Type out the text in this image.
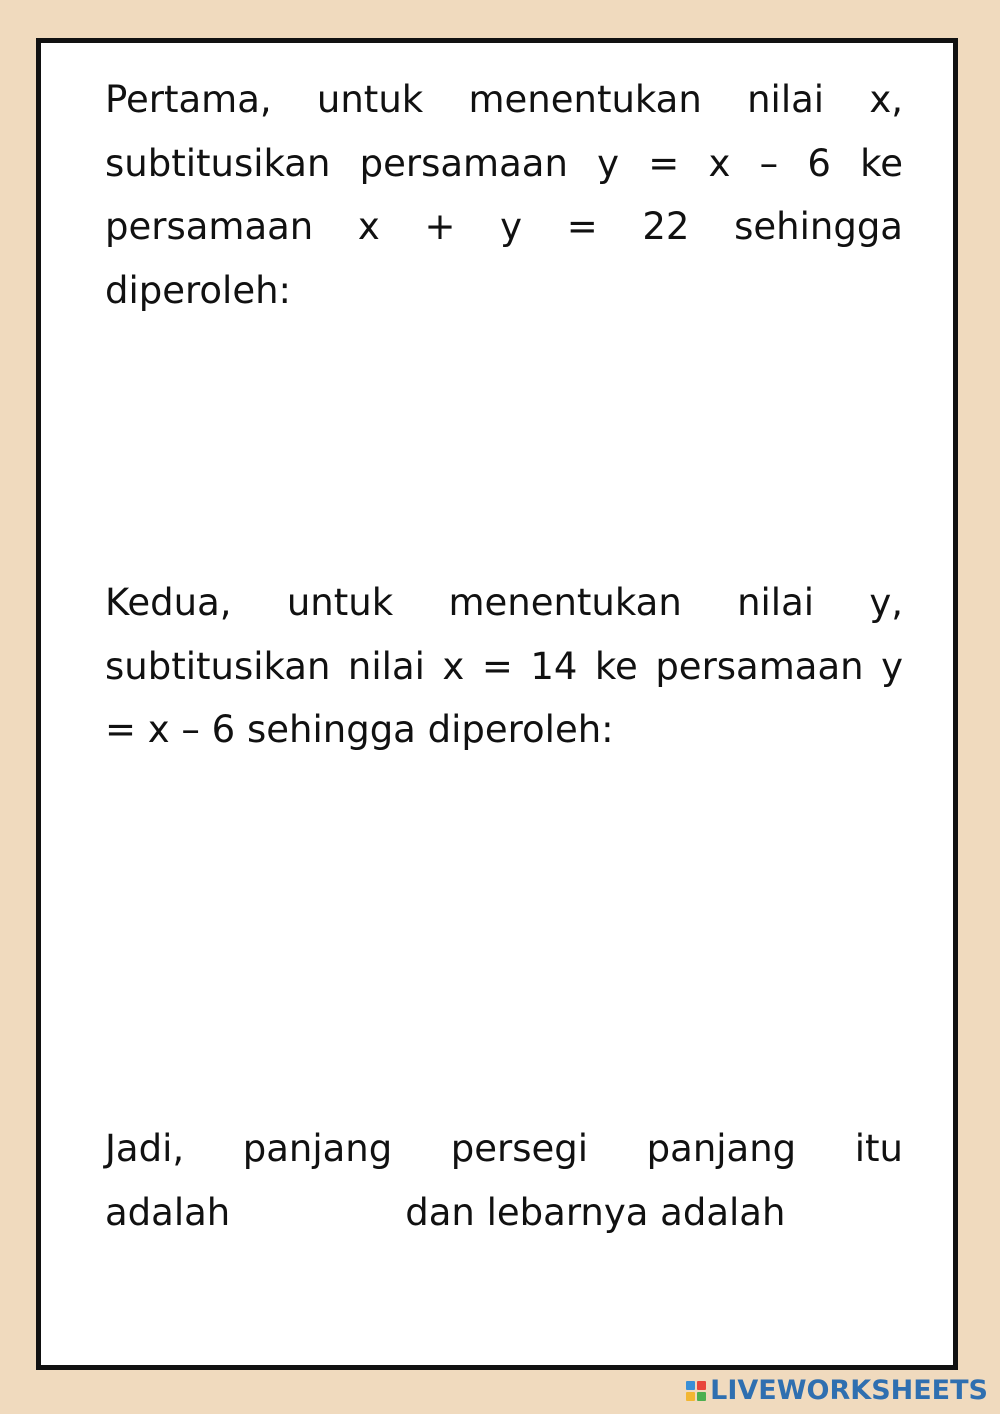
Pertama, untuk menentukan nilai x,
subtitusikan persamaan y = x – 6 ke
persamaan x + y = 22 sehingga
diperoleh:

Kedua, untuk menentukan nilai y,
subtitusikan nilai x = 14 ke persamaan y
= x – 6 sehingga diperoleh:

Jadi, panjang persegi panjang itu
adalah	dan lebarnya adalah

LIVEWORKSHEETS
